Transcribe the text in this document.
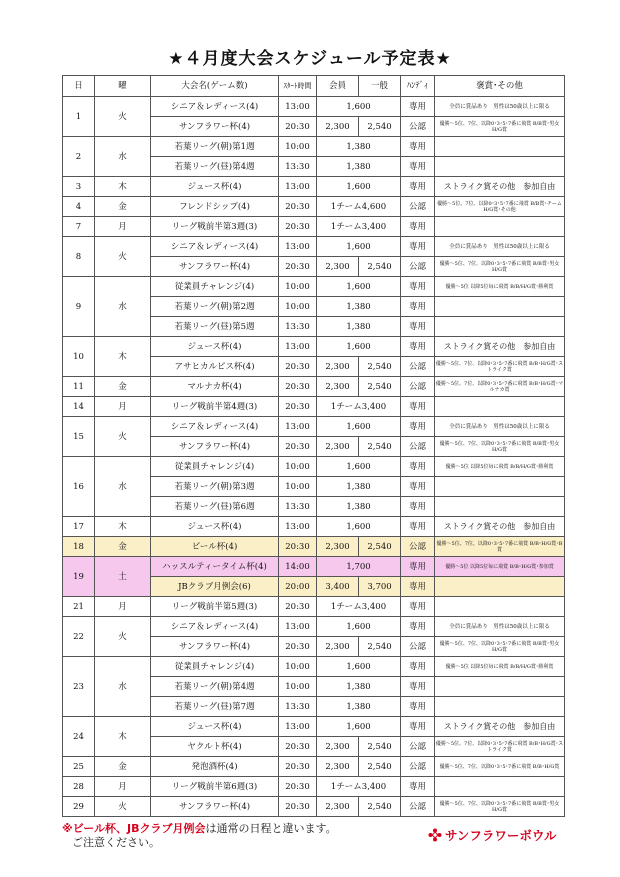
★４月度大会スケジュール予定表★
日	曜	大会名(ゲーム数)	ｽﾀｰﾄ時間	会員	一般	ﾊﾝﾃﾞｨ	褒賞･その他
1	火	シニア＆レディース(4)	13:00	1,600		専用	全員に賞品あり　男性は50歳以上に限る
		サンフラワー杯(4)	20:30	2,300	2,540	公認	優勝～5位、7位、以降0･3･5･7番に飛賞 B/B賞･男女H/G賞
2	水	若葉リーグ(朝)第1週	10:00	1,380		専用	
		若葉リーグ(昼)第4週	13:30	1,380		専用	
3	木	ジュース杯(4)	13:00	1,600		専用	ストライク賞その他　参加自由
4	金	フレンドシップ(4)	20:30	1チーム4,600		公認	優勝～5位、7位、以降0･3･5･7番に飛賞 B/B賞･チームH/G賞･その他
7	月	リーグ戦前半第3週(3)	20:30	1チーム3,400		専用	
8	火	シニア＆レディース(4)	13:00	1,600		専用	全員に賞品あり　男性は50歳以上に限る
		サンフラワー杯(4)	20:30	2,300	2,540	公認	優勝～5位、7位、以降0･3･5･7番に飛賞 B/B賞･男女H/G賞
9	水	従業員チャレンジ(4)	10:00	1,600		専用	優勝～5位 以降5位毎に飛賞 B/B/H/G賞･勝利賞
		若葉リーグ(朝)第2週	10:00	1,380		専用	
		若葉リーグ(昼)第5週	13:30	1,380		専用	
10	木	ジュース杯(4)	13:00	1,600		専用	ストライク賞その他　参加自由
		アサヒカルピス杯(4)	20:30	2,300	2,540	公認	優勝～5位、7位、以降0･3･5･7番に飛賞 B/B･H/G賞･ストライク賞
11	金	マルナカ杯(4)	20:30	2,300	2,540	公認	優勝～5位、7位、以降0･3･5･7番に飛賞 B/B･H/G賞･マルナカ賞
14	月	リーグ戦前半第4週(3)	20:30	1チーム3,400		専用	
15	火	シニア＆レディース(4)	13:00	1,600		専用	全員に賞品あり　男性は50歳以上に限る
		サンフラワー杯(4)	20:30	2,300	2,540	公認	優勝～5位、7位、以降0･3･5･7番に飛賞 B/B賞･男女H/G賞
16	水	従業員チャレンジ(4)	10:00	1,600		専用	優勝～5位 以降5位毎に飛賞 B/B/H/G賞･勝利賞
		若葉リーグ(朝)第3週	10:00	1,380		専用	
		若葉リーグ(昼)第6週	13:30	1,380		専用	
17	木	ジュース杯(4)	13:00	1,600		専用	ストライク賞その他　参加自由
18	金	ビール杯(4)	20:30	2,300	2,540	公認	優勝～5位、7位、以降0･3･5･7番に飛賞 B/B･H/G賞･B賞
19	土	ハッスルティータイム杯(4)	14:00	1,700		専用	優勝～5位 以降5位毎に飛賞 B/B･H/G賞･参加賞
		JBクラブ月例会(6)	20:00	3,400	3,700	専用	
21	月	リーグ戦前半第5週(3)	20:30	1チーム3,400		専用	
22	火	シニア＆レディース(4)	13:00	1,600		専用	全員に賞品あり　男性は50歳以上に限る
		サンフラワー杯(4)	20:30	2,300	2,540	公認	優勝～5位、7位、以降0･3･5･7番に飛賞 B/B賞･男女H/G賞
23	水	従業員チャレンジ(4)	10:00	1,600		専用	優勝～5位 以降5位毎に飛賞 B/B/H/G賞･勝利賞
		若葉リーグ(朝)第4週	10:00	1,380		専用	
		若葉リーグ(昼)第7週	13:30	1,380		専用	
24	木	ジュース杯(4)	13:00	1,600		専用	ストライク賞その他　参加自由
		ヤクルト杯(4)	20:30	2,300	2,540	公認	優勝～5位、7位、以降0･3･5･7番に飛賞 B/B･H/G賞･ストライク賞
25	金	発泡酒杯(4)	20:30	2,300	2,540	公認	優勝～5位、7位、以降0･3･5･7番に飛賞 B/B･H/G賞
28	月	リーグ戦前半第6週(3)	20:30	1チーム3,400		専用	
29	火	サンフラワー杯(4)	20:30	2,300	2,540	公認	優勝～5位、7位、以降0･3･5･7番に飛賞 B/B賞･男女H/G賞
※ビール杯、JBクラブ月例会は通常の日程と違います。
ご注意ください。	サンフラワーボウル
